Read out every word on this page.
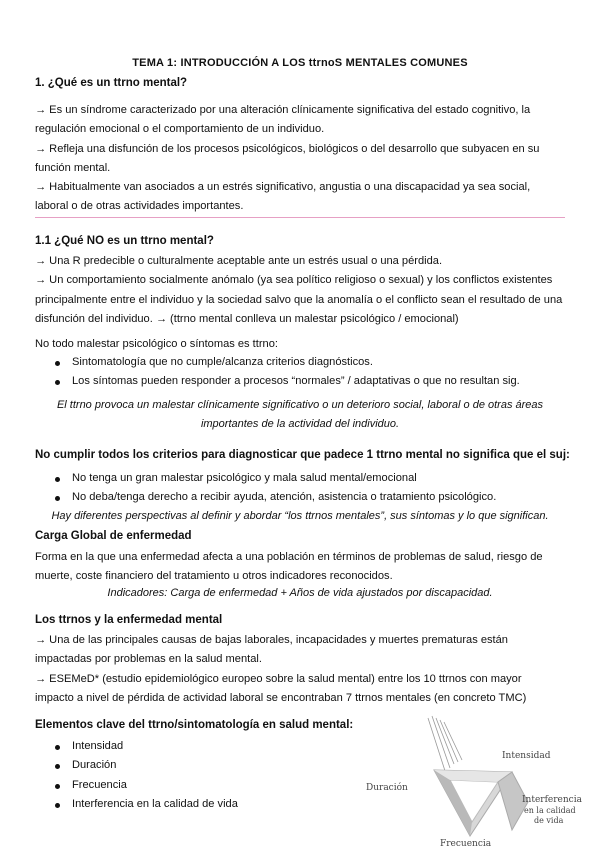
TEMA 1: INTRODUCCIÓN A LOS ttrnoS MENTALES COMUNES
1. ¿Qué es un ttrno mental?

→ Es un síndrome caracterizado por una alteración clínicamente significativa del estado cognitivo, la

regulación emocional o el comportamiento de un individuo.

→ Refleja una disfunción de los procesos psicológicos, biológicos o del desarrollo que subyacen en su

función mental.

→ Habitualmente van asociados a un estrés significativo, angustia o una discapacidad ya sea social,

laboral o de otras actividades importantes.

1.1 ¿Qué NO es un ttrno mental?

→ Una R predecible o culturalmente aceptable ante un estrés usual o una pérdida.

→ Un comportamiento socialmente anómalo (ya sea político religioso o sexual) y los conflictos existentes

principalmente entre el individuo y la sociedad salvo que la anomalía o el conflicto sean el resultado de una

disfunción del individuo. → (ttrno mental conlleva un malestar psicológico / emocional)

No todo malestar psicológico o síntomas es ttrno:
Sintomatología que no cumple/alcanza criterios diagnósticos.
Los síntomas pueden responder a procesos “normales” / adaptativas o que no resultan sig.
El ttrno provoca un malestar clínicamente significativo o un deterioro social, laboral o de otras áreas
importantes de la actividad del individuo.
No cumplir todos los criterios para diagnosticar que padece 1 ttrno mental no significa que el suj:
No tenga un gran malestar psicológico y mala salud mental/emocional
No deba/tenga derecho a recibir ayuda, atención, asistencia o tratamiento psicológico.
Hay diferentes perspectivas al definir y abordar “los ttrnos mentales”, sus síntomas y lo que significan.
Carga Global de enfermedad

Forma en la que una enfermedad afecta a una población en términos de problemas de salud, riesgo de

muerte, coste financiero del tratamiento u otros indicadores reconocidos.

Indicadores: Carga de enfermedad + Años de vida ajustados por discapacidad.
Los ttrnos y la enfermedad mental

→ Una de las principales causas de bajas laborales, incapacidades y muertes prematuras están

impactadas por problemas en la salud mental.

→ ESEMeD* (estudio epidemiológico europeo sobre la salud mental) entre los 10 ttrnos con mayor

impacto a nivel de pérdida de actividad laboral se encontraban 7 ttrnos mentales (en concreto TMC)

Elementos clave del ttrno/sintomatología en salud mental:
Intensidad
Duración
Frecuencia
Interferencia en la calidad de vida
Intensidad
Duración
Interferencia
en la calidad
de vida
Frecuencia
